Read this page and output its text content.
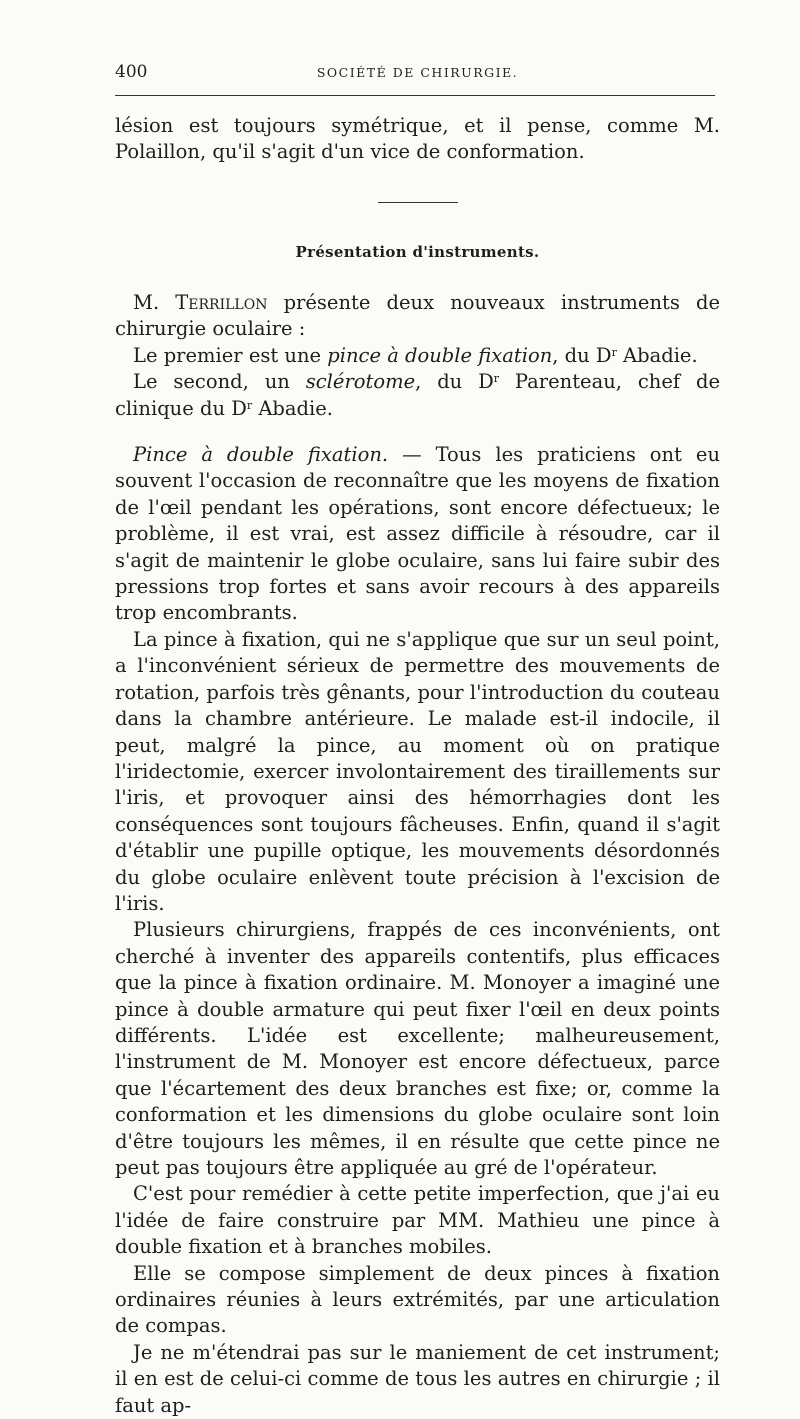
400	SOCIÉTÉ DE CHIRURGIE.

lésion est toujours symétrique, et il pense, comme M. Polaillon, qu'il s'agit d'un vice de conformation.

Présentation d'instruments.

M. Terrillon présente deux nouveaux instruments de chirurgie oculaire :

Le premier est une pince à double fixation, du $D^r$ Abadie.

Le second, un sclérotome, du $D^r$ Parenteau, chef de clinique du $D^r$ Abadie.

Pince à double fixation. — Tous les praticiens ont eu souvent l'occasion de reconnaître que les moyens de fixation de l'œil pendant les opérations, sont encore défectueux; le problème, il est vrai, est assez difficile à résoudre, car il s'agit de maintenir le globe oculaire, sans lui faire subir des pressions trop fortes et sans avoir recours à des appareils trop encombrants.

La pince à fixation, qui ne s'applique que sur un seul point, a l'inconvénient sérieux de permettre des mouvements de rotation, parfois très gênants, pour l'introduction du couteau dans la chambre antérieure. Le malade est-il indocile, il peut, malgré la pince, au moment où on pratique l'iridectomie, exercer involontairement des tiraillements sur l'iris, et provoquer ainsi des hémorrhagies dont les conséquences sont toujours fâcheuses. Enfin, quand il s'agit d'établir une pupille optique, les mouvements désordonnés du globe oculaire enlèvent toute précision à l'excision de l'iris.

Plusieurs chirurgiens, frappés de ces inconvénients, ont cherché à inventer des appareils contentifs, plus efficaces que la pince à fixation ordinaire. M. Monoyer a imaginé une pince à double armature qui peut fixer l'œil en deux points différents. L'idée est excellente; malheureusement, l'instrument de M. Monoyer est encore défectueux, parce que l'écartement des deux branches est fixe; or, comme la conformation et les dimensions du globe oculaire sont loin d'être toujours les mêmes, il en résulte que cette pince ne peut pas toujours être appliquée au gré de l'opérateur.

C'est pour remédier à cette petite imperfection, que j'ai eu l'idée de faire construire par MM. Mathieu une pince à double fixation et à branches mobiles.

Elle se compose simplement de deux pinces à fixation ordinaires réunies à leurs extrémités, par une articulation de compas.

Je ne m'étendrai pas sur le maniement de cet instrument; il en est de celui-ci comme de tous les autres en chirurgie ; il faut ap-
